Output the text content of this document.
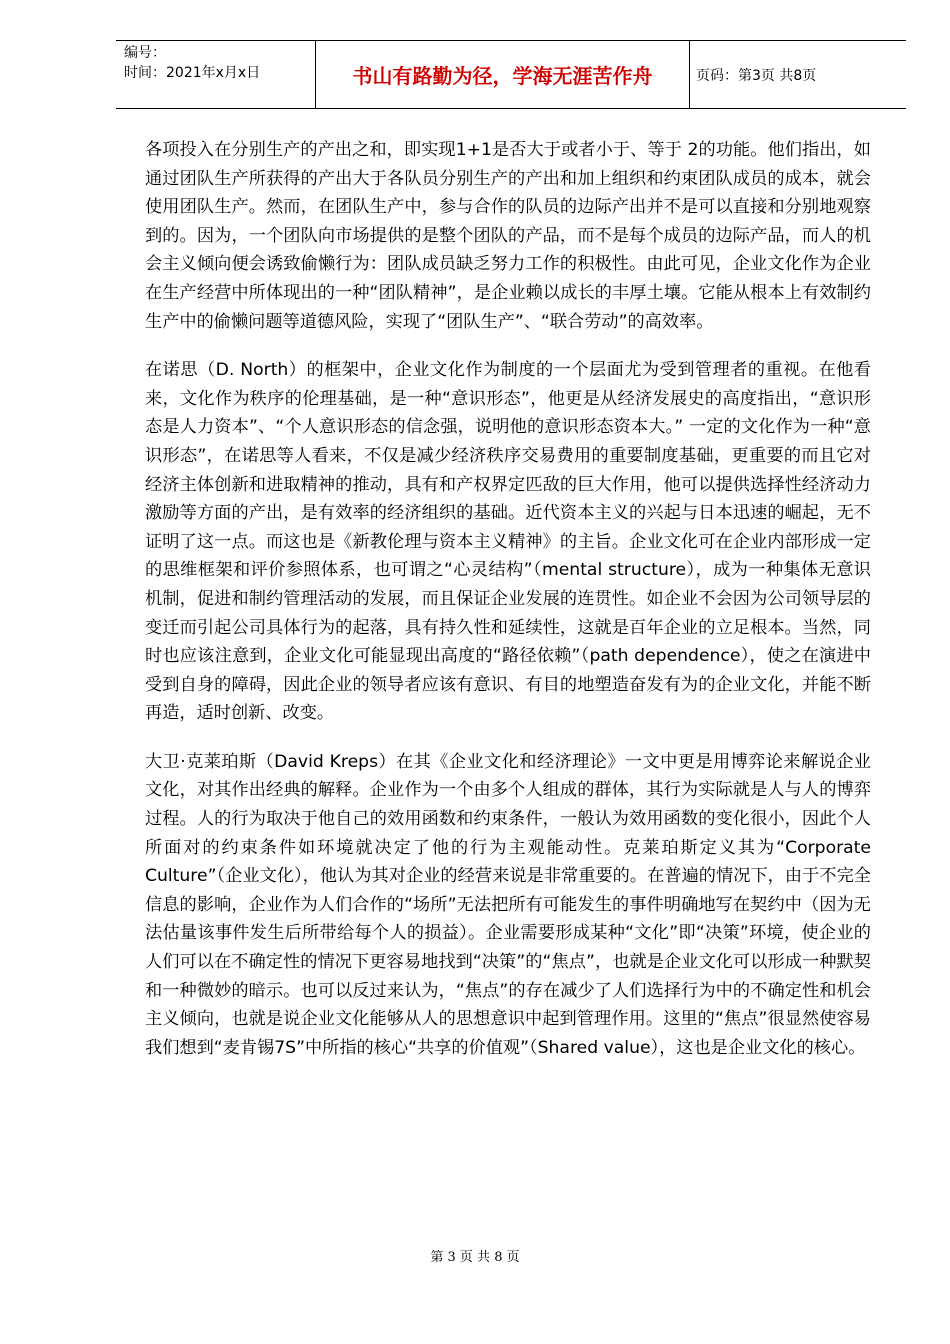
编号：
时间：2021年x月x日	书山有路勤为径，学海无涯苦作舟	页码：第3页 共8页

各项投入在分别生产的产出之和，即实现1+1是否大于或者小于、等于 2的功能。他们指出，如通过团队生产所获得的产出大于各队员分别生产的产出和加上组织和约束团队成员的成本，就会使用团队生产。然而，在团队生产中，参与合作的队员的边际产出并不是可以直接和分别地观察到的。因为，一个团队向市场提供的是整个团队的产品，而不是每个成员的边际产品，而人的机会主义倾向便会诱致偷懒行为：团队成员缺乏努力工作的积极性。由此可见，企业文化作为企业在生产经营中所体现出的一种“团队精神”，是企业赖以成长的丰厚土壤。它能从根本上有效制约生产中的偷懒问题等道德风险，实现了“团队生产”、“联合劳动”的高效率。

在诺思（D. North）的框架中，企业文化作为制度的一个层面尤为受到管理者的重视。在他看来，文化作为秩序的伦理基础，是一种“意识形态”，他更是从经济发展史的高度指出，“意识形态是人力资本”、“个人意识形态的信念强，说明他的意识形态资本大。” 一定的文化作为一种“意识形态”，在诺思等人看来，不仅是减少经济秩序交易费用的重要制度基础，更重要的而且它对经济主体创新和进取精神的推动，具有和产权界定匹敌的巨大作用，他可以提供选择性经济动力激励等方面的产出，是有效率的经济组织的基础。近代资本主义的兴起与日本迅速的崛起，无不证明了这一点。而这也是《新教伦理与资本主义精神》的主旨。企业文化可在企业内部形成一定的思维框架和评价参照体系，也可谓之“心灵结构”（mental structure），成为一种集体无意识机制，促进和制约管理活动的发展，而且保证企业发展的连贯性。如企业不会因为公司领导层的变迁而引起公司具体行为的起落，具有持久性和延续性，这就是百年企业的立足根本。当然，同时也应该注意到，企业文化可能显现出高度的“路径依赖”（path dependence），使之在演进中受到自身的障碍，因此企业的领导者应该有意识、有目的地塑造奋发有为的企业文化，并能不断再造，适时创新、改变。

大卫·克莱珀斯（David Kreps）在其《企业文化和经济理论》一文中更是用博弈论来解说企业文化，对其作出经典的解释。企业作为一个由多个人组成的群体，其行为实际就是人与人的博弈过程。人的行为取决于他自己的效用函数和约束条件，一般认为效用函数的变化很小，因此个人所面对的约束条件如环境就决定了他的行为主观能动性。克莱珀斯定义其为“Corporate Culture”（企业文化），他认为其对企业的经营来说是非常重要的。在普遍的情况下，由于不完全信息的影响，企业作为人们合作的“场所”无法把所有可能发生的事件明确地写在契约中（因为无法估量该事件发生后所带给每个人的损益）。企业需要形成某种“文化”即“决策”环境，使企业的人们可以在不确定性的情况下更容易地找到“决策”的“焦点”，也就是企业文化可以形成一种默契和一种微妙的暗示。也可以反过来认为，“焦点”的存在减少了人们选择行为中的不确定性和机会主义倾向，也就是说企业文化能够从人的思想意识中起到管理作用。这里的“焦点”很显然使容易我们想到“麦肯锡7S”中所指的核心“共享的价值观”（Shared value），这也是企业文化的核心。

第 3 页 共 8 页
